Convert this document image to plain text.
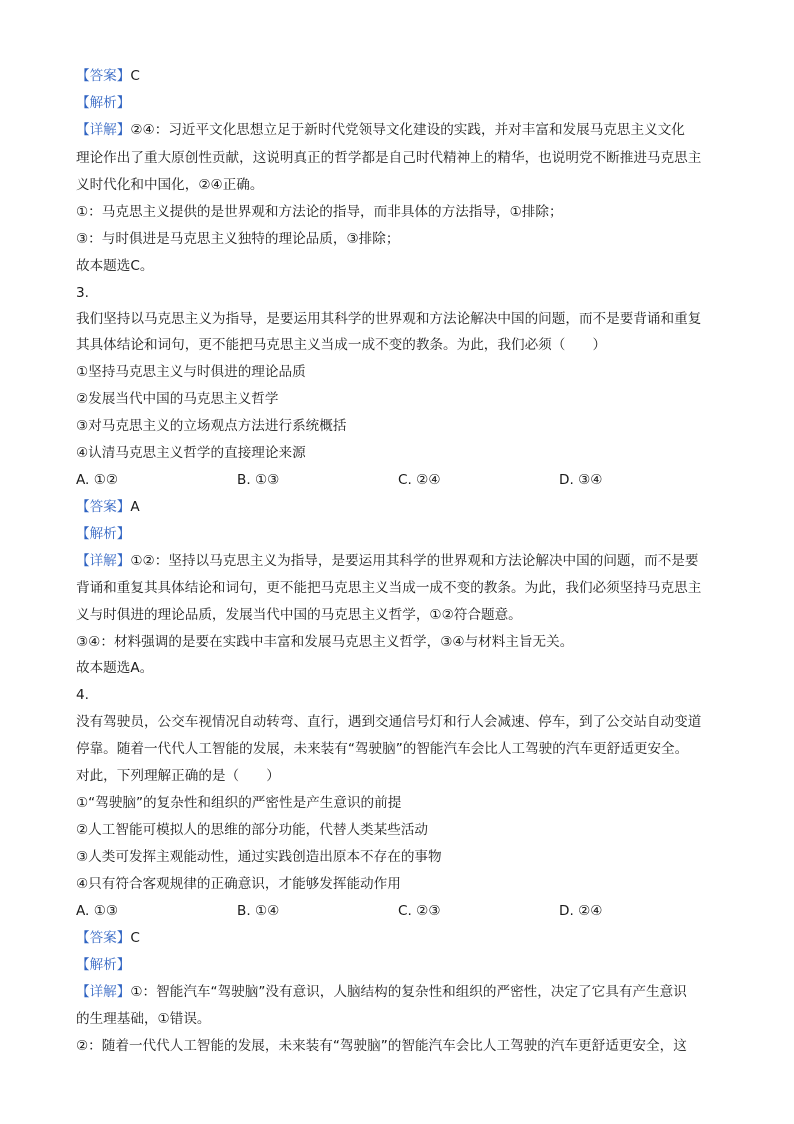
【答案】C
【解析】
【详解】②④：习近平文化思想立足于新时代党领导文化建设的实践，并对丰富和发展马克思主义文化
理论作出了重大原创性贡献，这说明真正的哲学都是自己时代精神上的精华，也说明党不断推进马克思主
义时代化和中国化，②④正确。
①：马克思主义提供的是世界观和方法论的指导，而非具体的方法指导，①排除；
③：与时俱进是马克思主义独特的理论品质，③排除；
故本题选C。
3.
我们坚持以马克思主义为指导，是要运用其科学的世界观和方法论解决中国的问题，而不是要背诵和重复
其具体结论和词句，更不能把马克思主义当成一成不变的教条。为此，我们必须（　　）
①坚持马克思主义与时俱进的理论品质
②发展当代中国的马克思主义哲学
③对马克思主义的立场观点方法进行系统概括
④认清马克思主义哲学的直接理论来源
A. ①②	B. ①③	C. ②④	D. ③④
【答案】A
【解析】
【详解】①②：坚持以马克思主义为指导，是要运用其科学的世界观和方法论解决中国的问题，而不是要
背诵和重复其具体结论和词句，更不能把马克思主义当成一成不变的教条。为此，我们必须坚持马克思主
义与时俱进的理论品质，发展当代中国的马克思主义哲学，①②符合题意。
③④：材料强调的是要在实践中丰富和发展马克思主义哲学，③④与材料主旨无关。
故本题选A。
4.
没有驾驶员，公交车视情况自动转弯、直行，遇到交通信号灯和行人会减速、停车，到了公交站自动变道
停靠。随着一代代人工智能的发展，未来装有“驾驶脑”的智能汽车会比人工驾驶的汽车更舒适更安全。
对此，下列理解正确的是（　　）
①“驾驶脑”的复杂性和组织的严密性是产生意识的前提
②人工智能可模拟人的思维的部分功能，代替人类某些活动
③人类可发挥主观能动性，通过实践创造出原本不存在的事物
④只有符合客观规律的正确意识，才能够发挥能动作用
A. ①③	B. ①④	C. ②③	D. ②④
【答案】C
【解析】
【详解】①：智能汽车“驾驶脑”没有意识，人脑结构的复杂性和组织的严密性，决定了它具有产生意识
的生理基础，①错误。
②：随着一代代人工智能的发展，未来装有“驾驶脑”的智能汽车会比人工驾驶的汽车更舒适更安全，这
